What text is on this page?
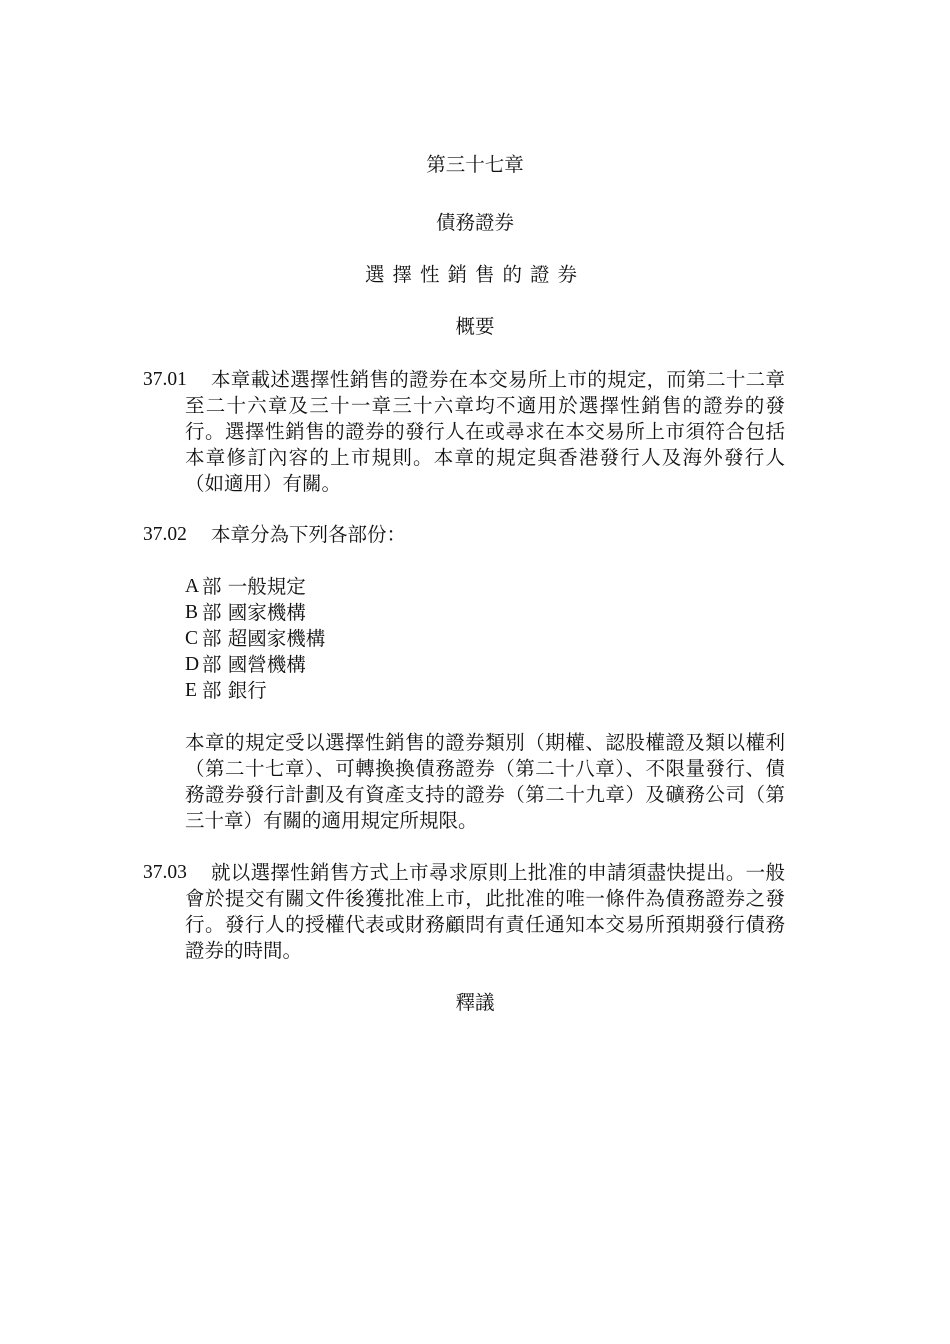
第三十七章
債務證券
選擇性銷售的證券
概要
37.01	本章載述選擇性銷售的證券在本交易所上市的規定，而第二十二章至二十六章及三十一章三十六章均不適用於選擇性銷售的證券的發行。選擇性銷售的證券的發行人在或尋求在本交易所上市須符合包括本章修訂內容的上市規則。本章的規定與香港發行人及海外發行人（如適用）有關。
37.02	本章分為下列各部份：
A 部 一般規定
B 部 國家機構
C 部 超國家機構
D 部 國營機構
E 部 銀行
本章的規定受以選擇性銷售的證券類別（期權、認股權證及類以權利（第二十七章）、可轉換換債務證券（第二十八章）、不限量發行、債務證券發行計劃及有資產支持的證券（第二十九章）及礦務公司（第三十章）有關的適用規定所規限。
37.03	就以選擇性銷售方式上市尋求原則上批准的申請須盡快提出。一般會於提交有關文件後獲批准上市，此批准的唯一條件為債務證券之發行。發行人的授權代表或財務顧問有責任通知本交易所預期發行債務證券的時間。
釋議
